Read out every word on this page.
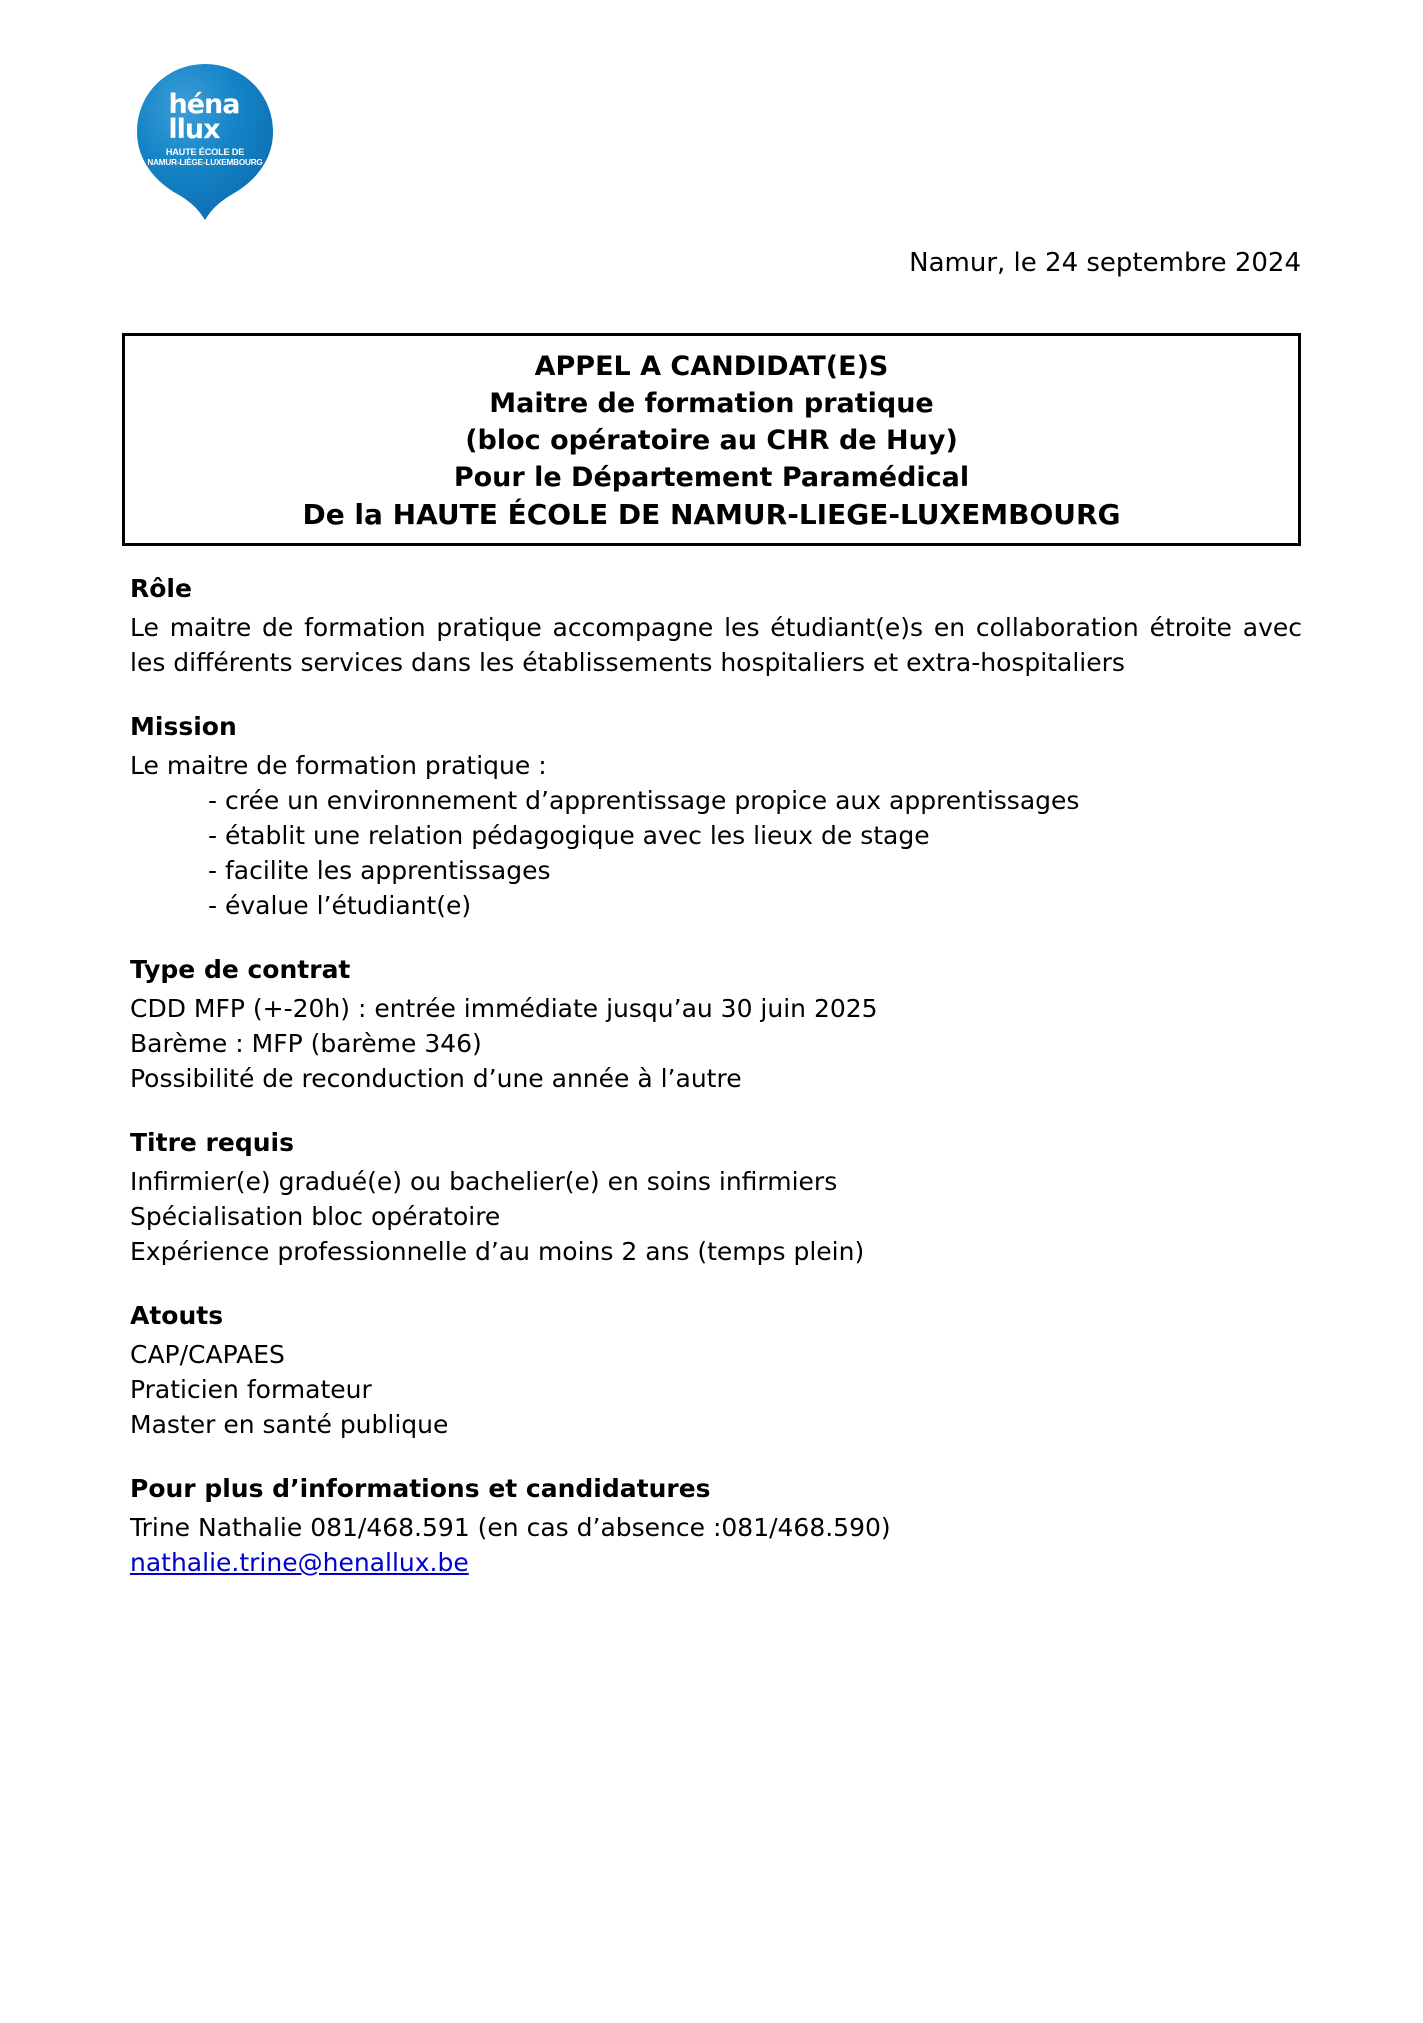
héna
llux
HAUTE ÉCOLE DE
NAMUR-LIÈGE-LUXEMBOURG
Namur, le 24 septembre 2024
APPEL A CANDIDAT(E)S
Maitre de formation pratique
(bloc opératoire au CHR de Huy)
Pour le Département Paramédical
De la HAUTE ÉCOLE DE NAMUR-LIEGE-LUXEMBOURG
Rôle

Le maitre de formation pratique accompagne les étudiant(e)s en collaboration étroite avec les différents services dans les établissements hospitaliers et extra-hospitaliers

Mission

Le maitre de formation pratique :

- crée un environnement d’apprentissage propice aux apprentissages
- établit une relation pédagogique avec les lieux de stage
- facilite les apprentissages
- évalue l’étudiant(e)
Type de contrat

CDD MFP (+-20h) : entrée immédiate jusqu’au 30 juin 2025

Barème : MFP (barème 346)

Possibilité de reconduction d’une année à l’autre

Titre requis

Infirmier(e) gradué(e) ou bachelier(e) en soins infirmiers

Spécialisation bloc opératoire

Expérience professionnelle d’au moins 2 ans (temps plein)

Atouts

CAP/CAPAES

Praticien formateur

Master en santé publique

Pour plus d’informations et candidatures

Trine Nathalie 081/468.591 (en cas d’absence :081/468.590)

nathalie.trine@henallux.be
